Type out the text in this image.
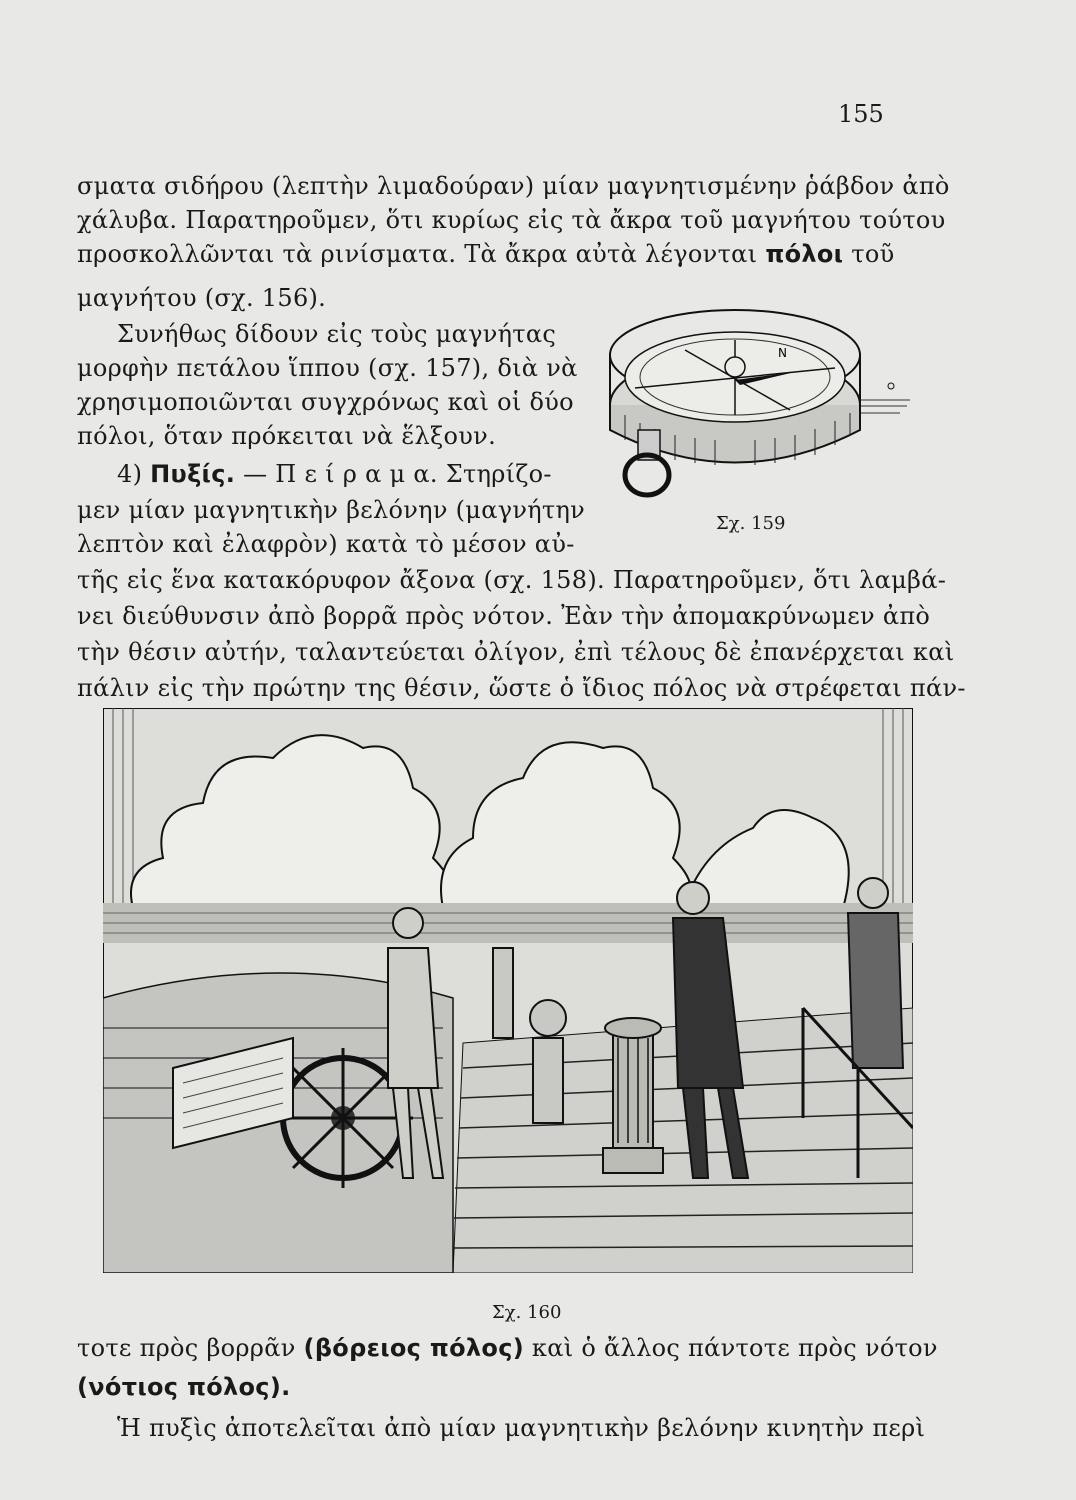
155
σματα σιδήρου (λεπτὴν λιμαδούραν) μίαν μαγνητισμένην ῥάβδον ἀπὸ
χάλυβα. Παρατηροῦμεν, ὅτι κυρίως εἰς τὰ ἄκρα τοῦ μαγνήτου τούτου
προσκολλῶνται τὰ ρινίσματα. Τὰ ἄκρα αὐτὰ λέγονται πόλοι τοῦ
μαγνήτου (σχ. 156).
Συνήθως δίδουν εἰς τοὺς μαγνήτας
μορφὴν πετάλου ἵππου (σχ. 157), διὰ νὰ
χρησιμοποιῶνται συγχρόνως καὶ οἱ δύο
πόλοι, ὅταν πρόκειται νὰ ἕλξουν.
4) Πυξίς. — Π ε ί ρ α μ α. Στηρίζο-
μεν μίαν μαγνητικὴν βελόνην (μαγνήτην
λεπτὸν καὶ ἐλαφρὸν) κατὰ τὸ μέσον αὐ-
τῆς εἰς ἕνα κατακόρυφον ἄξονα (σχ. 158). Παρατηροῦμεν, ὅτι λαμβά-
νει διεύθυνσιν ἀπὸ βορρᾶ πρὸς νότον. Ἐὰν τὴν ἀπομακρύνωμεν ἀπὸ
τὴν θέσιν αὐτήν, ταλαντεύεται ὀλίγον, ἐπὶ τέλους δὲ ἐπανέρχεται καὶ
πάλιν εἰς τὴν πρώτην της θέσιν, ὥστε ὁ ἴδιος πόλος νὰ στρέφεται πάν-
N
Σχ. 159
Σχ. 160
τοτε πρὸς βορρᾶν (βόρειος πόλος) καὶ ὁ ἄλλος πάντοτε πρὸς νότον
(νότιος πόλος).
Ἡ πυξὶς ἀποτελεῖται ἀπὸ μίαν μαγνητικὴν βελόνην κινητὴν περὶ
